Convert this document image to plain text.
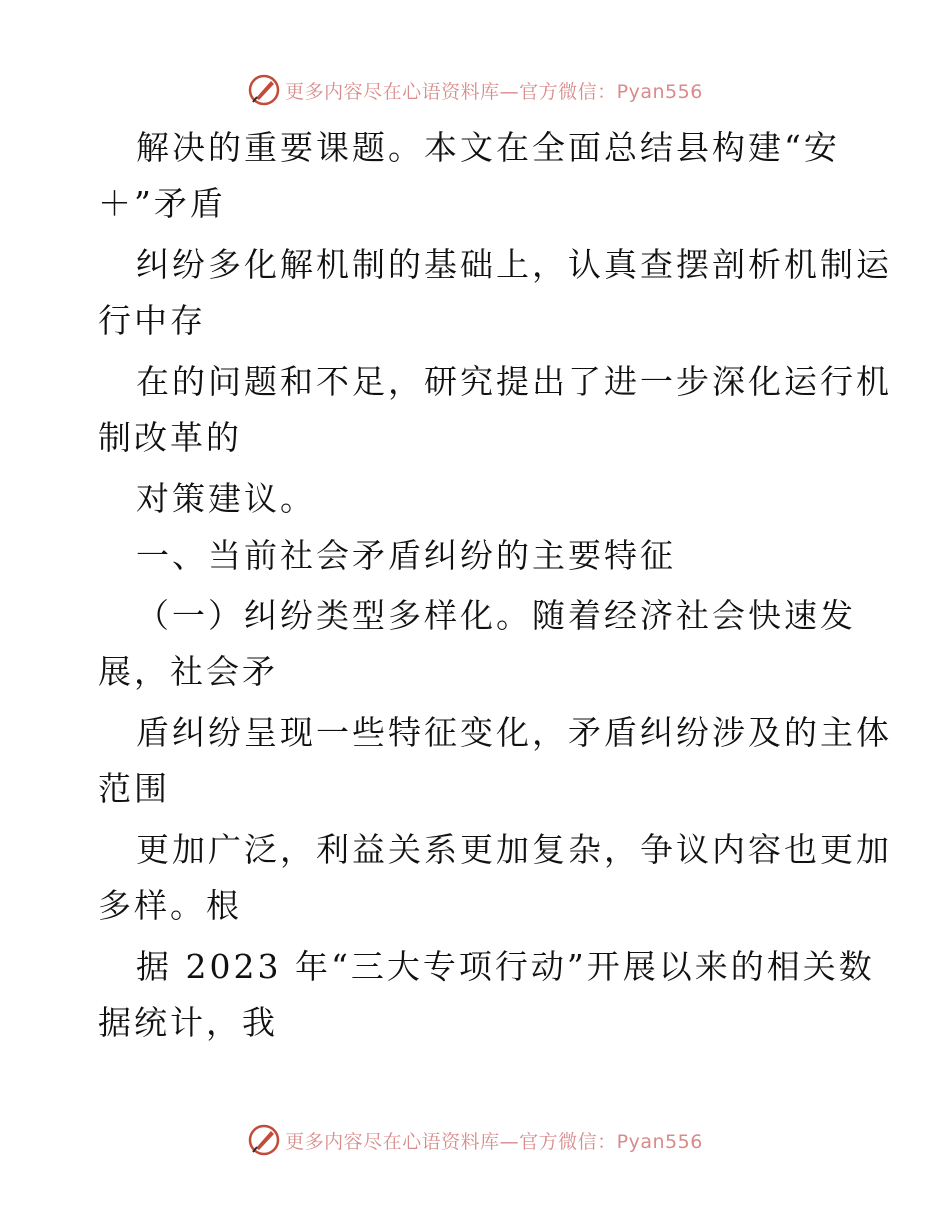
更多内容尽在心语资料库—官方微信：Pyan556
解决的重要课题。本文在全面总结县构建“安
＋”矛盾
纠纷多化解机制的基础上，认真查摆剖析机制运
行中存
在的问题和不足，研究提出了进一步深化运行机
制改革的
对策建议。
一、当前社会矛盾纠纷的主要特征
（一）纠纷类型多样化。随着经济社会快速发
展，社会矛
盾纠纷呈现一些特征变化，矛盾纠纷涉及的主体
范围
更加广泛，利益关系更加复杂，争议内容也更加
多样。根
据 2023 年“三大专项行动”开展以来的相关数
据统计，我
更多内容尽在心语资料库—官方微信：Pyan556
